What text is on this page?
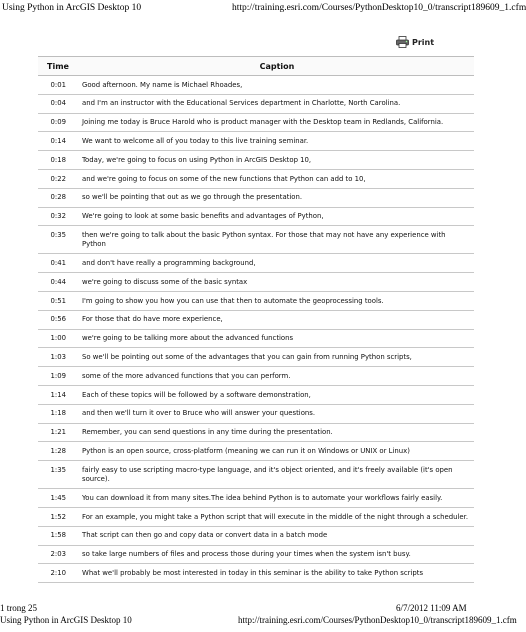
Using Python in ArcGIS Desktop 10	http://training.esri.com/Courses/PythonDesktop10_0/transcript189609_1.cfm
Print
Time	Caption
0:01 Good afternoon. My name is Michael Rhoades,
0:04 and I'm an instructor with the Educational Services department in Charlotte, North Carolina.
0:09 Joining me today is Bruce Harold who is product manager with the Desktop team in Redlands, California.
0:14 We want to welcome all of you today to this live training seminar.
0:18 Today, we're going to focus on using Python in ArcGIS Desktop 10,
0:22 and we're going to focus on some of the new functions that Python can add to 10,
0:28 so we'll be pointing that out as we go through the presentation.
0:32 We're going to look at some basic benefits and advantages of Python,
0:35 then we're going to talk about the basic Python syntax. For those that may not have any experience with Python
0:41 and don't have really a programming background,
0:44 we're going to discuss some of the basic syntax
0:51 I'm going to show you how you can use that then to automate the geoprocessing tools.
0:56 For those that do have more experience,
1:00 we're going to be talking more about the advanced functions
1:03 So we'll be pointing out some of the advantages that you can gain from running Python scripts,
1:09 some of the more advanced functions that you can perform.
1:14 Each of these topics will be followed by a software demonstration,
1:18 and then we'll turn it over to Bruce who will answer your questions.
1:21 Remember, you can send questions in any time during the presentation.
1:28 Python is an open source, cross-platform (meaning we can run it on Windows or UNIX or Linux)
1:35 fairly easy to use scripting macro-type language, and it's object oriented, and it's freely available (it's open source).
1:45 You can download it from many sites.The idea behind Python is to automate your workflows fairly easily.
1:52 For an example, you might take a Python script that will execute in the middle of the night through a scheduler.
1:58 That script can then go and copy data or convert data in a batch mode
2:03 so take large numbers of files and process those during your times when the system isn't busy.
2:10 What we'll probably be most interested in today in this seminar is the ability to take Python scripts
1 trong 25	6/7/2012 11:09 AM
Using Python in ArcGIS Desktop 10	http://training.esri.com/Courses/PythonDesktop10_0/transcript189609_1.cfm
